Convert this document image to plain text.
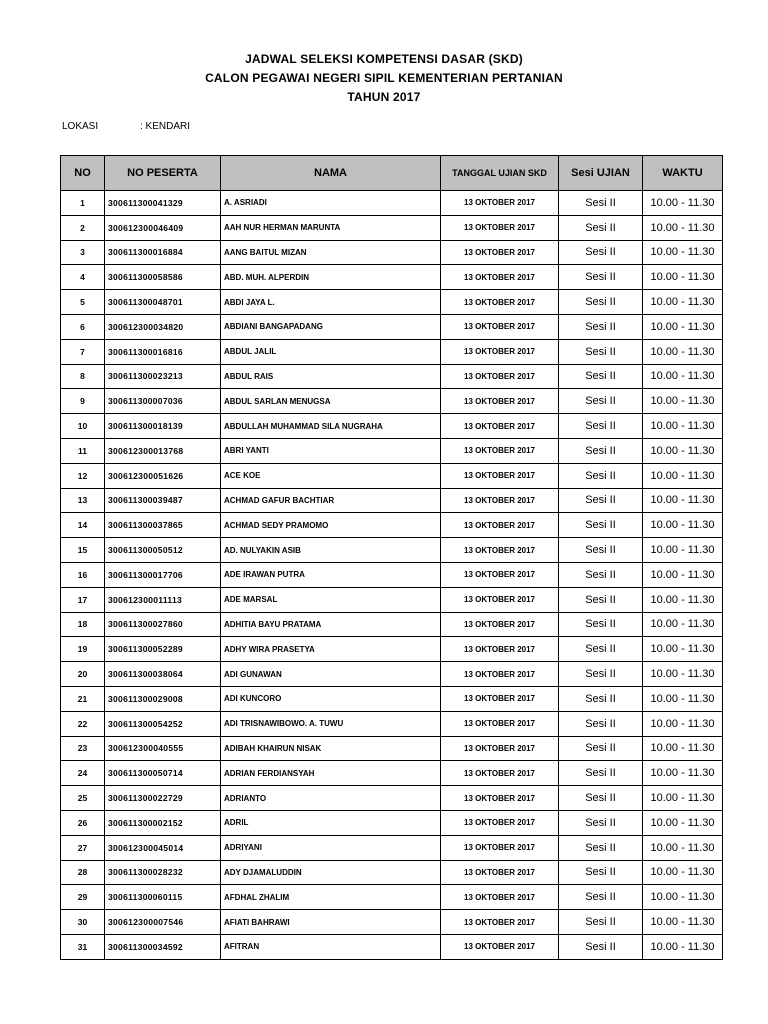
JADWAL SELEKSI KOMPETENSI DASAR (SKD)
CALON PEGAWAI NEGERI SIPIL KEMENTERIAN PERTANIAN
TAHUN 2017
LOKASI	: KENDARI
NO	NO PESERTA	NAMA	TANGGAL UJIAN SKD	Sesi UJIAN	WAKTU
1	300611300041329	A. ASRIADI	13 OKTOBER 2017	Sesi II	10.00 - 11.30
2	300612300046409	AAH NUR HERMAN MARUNTA	13 OKTOBER 2017	Sesi II	10.00 - 11.30
3	300611300016884	AANG BAITUL MIZAN	13 OKTOBER 2017	Sesi II	10.00 - 11.30
4	300611300058586	ABD. MUH. ALPERDIN	13 OKTOBER 2017	Sesi II	10.00 - 11.30
5	300611300048701	ABDI JAYA L.	13 OKTOBER 2017	Sesi II	10.00 - 11.30
6	300612300034820	ABDIANI BANGAPADANG	13 OKTOBER 2017	Sesi II	10.00 - 11.30
7	300611300016816	ABDUL JALIL	13 OKTOBER 2017	Sesi II	10.00 - 11.30
8	300611300023213	ABDUL RAIS	13 OKTOBER 2017	Sesi II	10.00 - 11.30
9	300611300007036	ABDUL SARLAN MENUGSA	13 OKTOBER 2017	Sesi II	10.00 - 11.30
10	300611300018139	ABDULLAH MUHAMMAD SILA NUGRAHA	13 OKTOBER 2017	Sesi II	10.00 - 11.30
11	300612300013768	ABRI YANTI	13 OKTOBER 2017	Sesi II	10.00 - 11.30
12	300612300051626	ACE KOE	13 OKTOBER 2017	Sesi II	10.00 - 11.30
13	300611300039487	ACHMAD GAFUR BACHTIAR	13 OKTOBER 2017	Sesi II	10.00 - 11.30
14	300611300037865	ACHMAD SEDY PRAMOMO	13 OKTOBER 2017	Sesi II	10.00 - 11.30
15	300611300050512	AD. NULYAKIN ASIB	13 OKTOBER 2017	Sesi II	10.00 - 11.30
16	300611300017706	ADE IRAWAN PUTRA	13 OKTOBER 2017	Sesi II	10.00 - 11.30
17	300612300011113	ADE MARSAL	13 OKTOBER 2017	Sesi II	10.00 - 11.30
18	300611300027860	ADHITIA BAYU PRATAMA	13 OKTOBER 2017	Sesi II	10.00 - 11.30
19	300611300052289	ADHY WIRA PRASETYA	13 OKTOBER 2017	Sesi II	10.00 - 11.30
20	300611300038064	ADI GUNAWAN	13 OKTOBER 2017	Sesi II	10.00 - 11.30
21	300611300029008	ADI KUNCORO	13 OKTOBER 2017	Sesi II	10.00 - 11.30
22	300611300054252	ADI TRISNAWIBOWO. A. TUWU	13 OKTOBER 2017	Sesi II	10.00 - 11.30
23	300612300040555	ADIBAH KHAIRUN NISAK	13 OKTOBER 2017	Sesi II	10.00 - 11.30
24	300611300050714	ADRIAN FERDIANSYAH	13 OKTOBER 2017	Sesi II	10.00 - 11.30
25	300611300022729	ADRIANTO	13 OKTOBER 2017	Sesi II	10.00 - 11.30
26	300611300002152	ADRIL	13 OKTOBER 2017	Sesi II	10.00 - 11.30
27	300612300045014	ADRIYANI	13 OKTOBER 2017	Sesi II	10.00 - 11.30
28	300611300028232	ADY DJAMALUDDIN	13 OKTOBER 2017	Sesi II	10.00 - 11.30
29	300611300060115	AFDHAL ZHALIM	13 OKTOBER 2017	Sesi II	10.00 - 11.30
30	300612300007546	AFIATI BAHRAWI	13 OKTOBER 2017	Sesi II	10.00 - 11.30
31	300611300034592	AFITRAN	13 OKTOBER 2017	Sesi II	10.00 - 11.30
